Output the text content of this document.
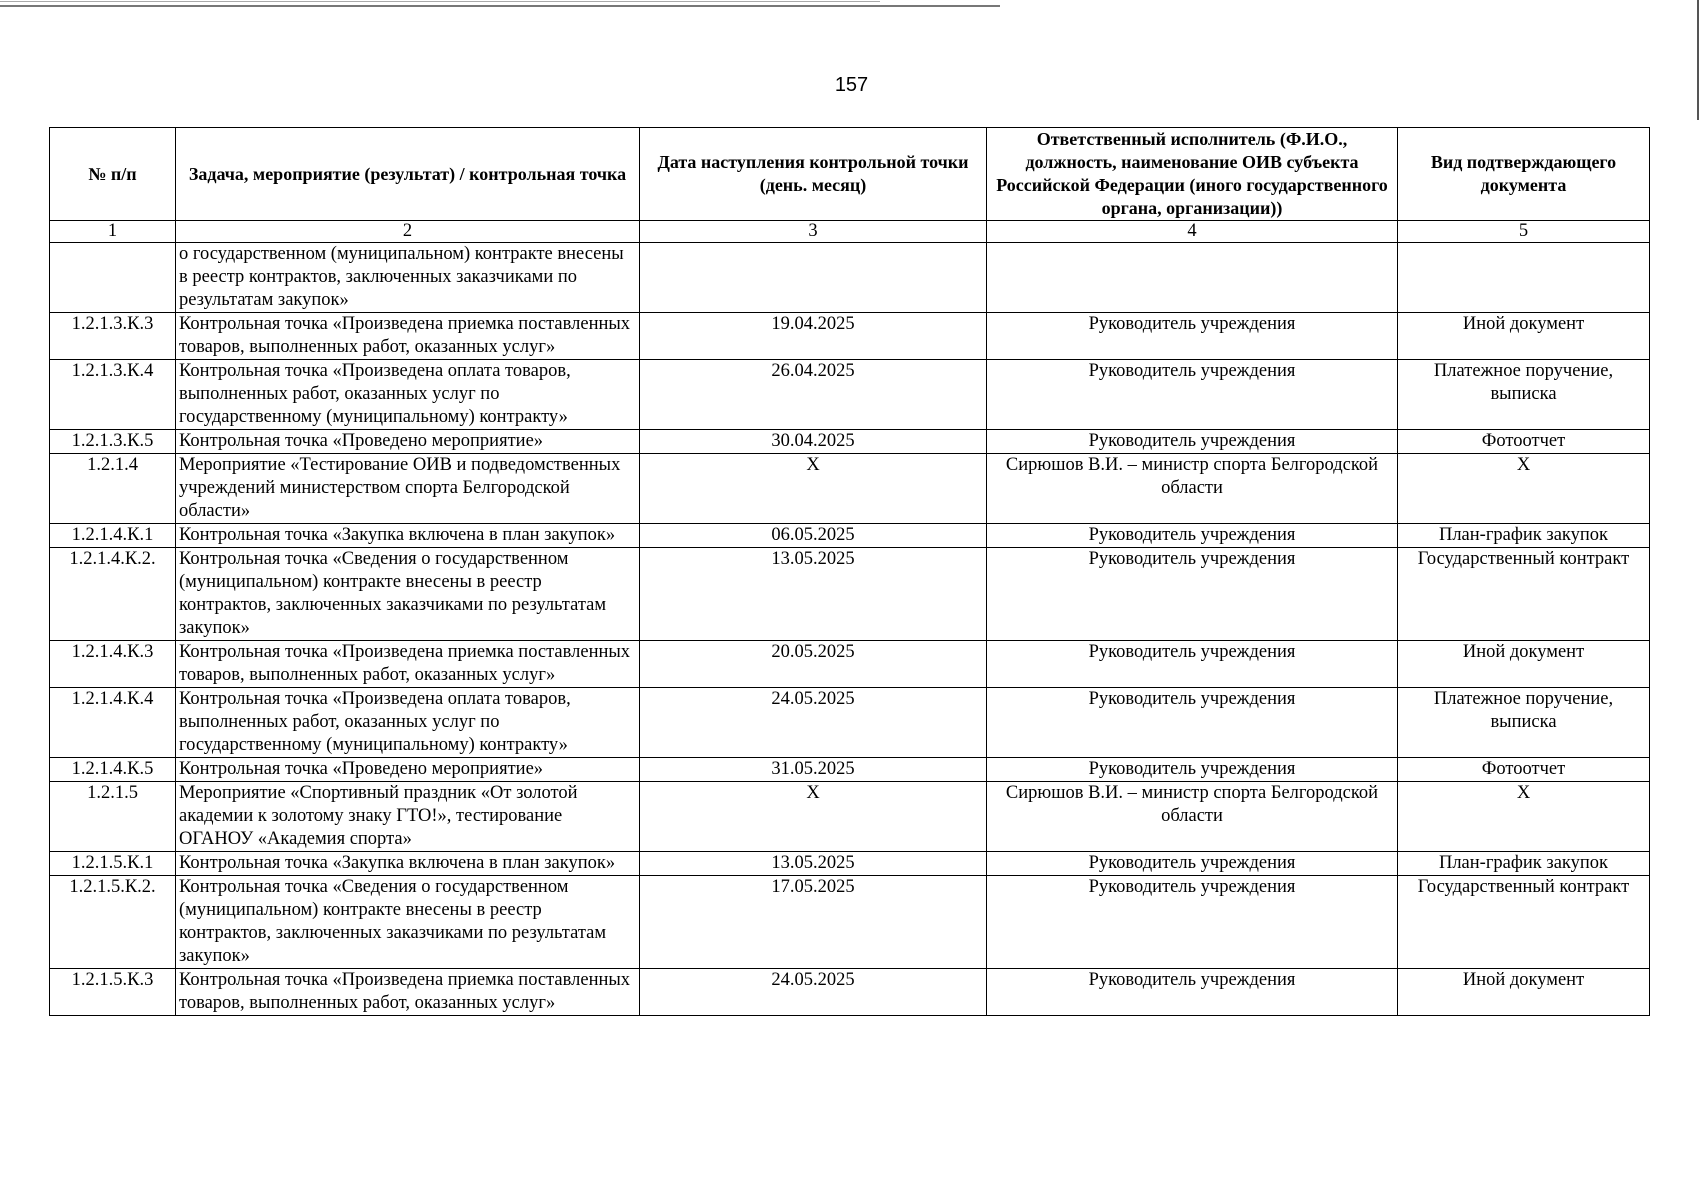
157
№ п/п	Задача, мероприятие (результат) / контрольная точка	Дата наступления контрольной точки (день. месяц)	Ответственный исполнитель (Ф.И.О., должность, наименование ОИВ субъекта Российской Федерации (иного государственного органа, организации))	Вид подтверждающего документа
1	2	3	4	5
	о государственном (муниципальном) контракте внесены в реестр контрактов, заключенных заказчиками по результатам закупок»			
1.2.1.3.К.3	Контрольная точка «Произведена приемка поставленных товаров, выполненных работ, оказанных услуг»	19.04.2025	Руководитель учреждения	Иной документ
1.2.1.3.К.4	Контрольная точка «Произведена оплата товаров, выполненных работ, оказанных услуг по государственному (муниципальному) контракту»	26.04.2025	Руководитель учреждения	Платежное поручение, выписка
1.2.1.3.К.5	Контрольная точка «Проведено мероприятие»	30.04.2025	Руководитель учреждения	Фотоотчет
1.2.1.4	Мероприятие «Тестирование ОИВ и подведомственных учреждений министерством спорта Белгородской области»	X	Сирюшов В.И. – министр спорта Белгородской области	X
1.2.1.4.К.1	Контрольная точка «Закупка включена в план закупок»	06.05.2025	Руководитель учреждения	План-график закупок
1.2.1.4.К.2.	Контрольная точка «Сведения о государственном (муниципальном) контракте внесены в реестр контрактов, заключенных заказчиками по результатам закупок»	13.05.2025	Руководитель учреждения	Государственный контракт
1.2.1.4.К.3	Контрольная точка «Произведена приемка поставленных товаров, выполненных работ, оказанных услуг»	20.05.2025	Руководитель учреждения	Иной документ
1.2.1.4.К.4	Контрольная точка «Произведена оплата товаров, выполненных работ, оказанных услуг по государственному (муниципальному) контракту»	24.05.2025	Руководитель учреждения	Платежное поручение, выписка
1.2.1.4.К.5	Контрольная точка «Проведено мероприятие»	31.05.2025	Руководитель учреждения	Фотоотчет
1.2.1.5	Мероприятие «Спортивный праздник «От золотой академии к золотому знаку ГТО!», тестирование ОГАНОУ «Академия спорта»	X	Сирюшов В.И. – министр спорта Белгородской области	X
1.2.1.5.К.1	Контрольная точка «Закупка включена в план закупок»	13.05.2025	Руководитель учреждения	План-график закупок
1.2.1.5.К.2.	Контрольная точка «Сведения о государственном (муниципальном) контракте внесены в реестр контрактов, заключенных заказчиками по результатам закупок»	17.05.2025	Руководитель учреждения	Государственный контракт
1.2.1.5.К.3	Контрольная точка «Произведена приемка поставленных товаров, выполненных работ, оказанных услуг»	24.05.2025	Руководитель учреждения	Иной документ
